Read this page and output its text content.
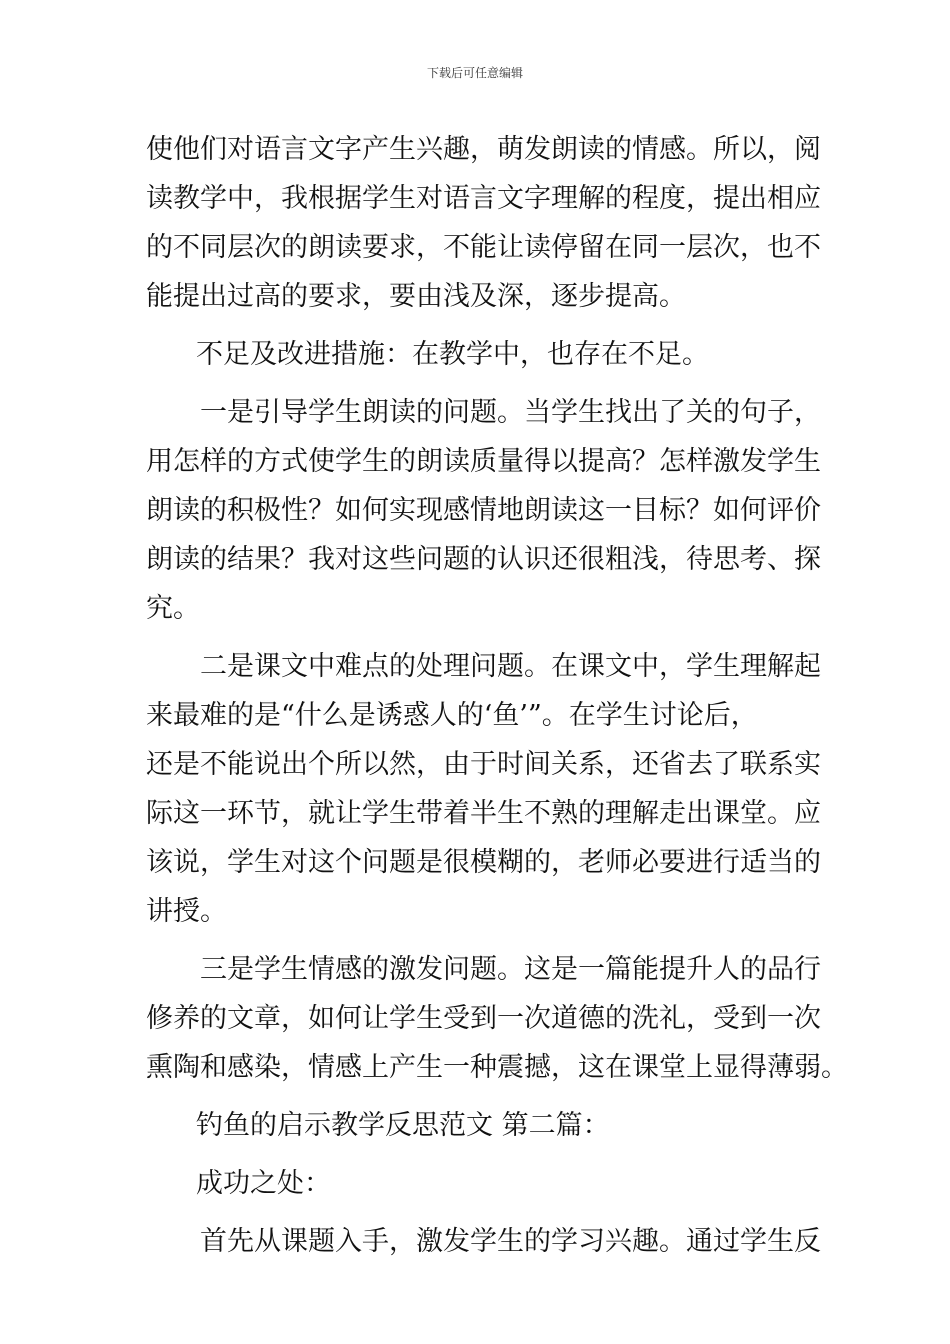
下载后可任意编辑
使他们对语言文字产生兴趣，萌发朗读的情感。所以，阅
读教学中，我根据学生对语言文字理解的程度，提出相应
的不同层次的朗读要求，不能让读停留在同一层次，也不
能提出过高的要求，要由浅及深，逐步提高。
不足及改进措施：在教学中，也存在不足。
一是引导学生朗读的问题。当学生找出了关的句子，
用怎样的方式使学生的朗读质量得以提高？怎样激发学生
朗读的积极性？如何实现感情地朗读这一目标？如何评价
朗读的结果？我对这些问题的认识还很粗浅，待思考、探
究。
二是课文中难点的处理问题。在课文中，学生理解起
来最难的是“什么是诱惑人的‘鱼’”。在学生讨论后，
还是不能说出个所以然，由于时间关系，还省去了联系实
际这一环节，就让学生带着半生不熟的理解走出课堂。应
该说，学生对这个问题是很模糊的，老师必要进行适当的
讲授。
三是学生情感的激发问题。这是一篇能提升人的品行
修养的文章，如何让学生受到一次道德的洗礼，受到一次
熏陶和感染，情感上产生一种震撼，这在课堂上显得薄弱。
钓鱼的启示教学反思范文 第二篇：
成功之处：
首先从课题入手，激发学生的学习兴趣。通过学生反
